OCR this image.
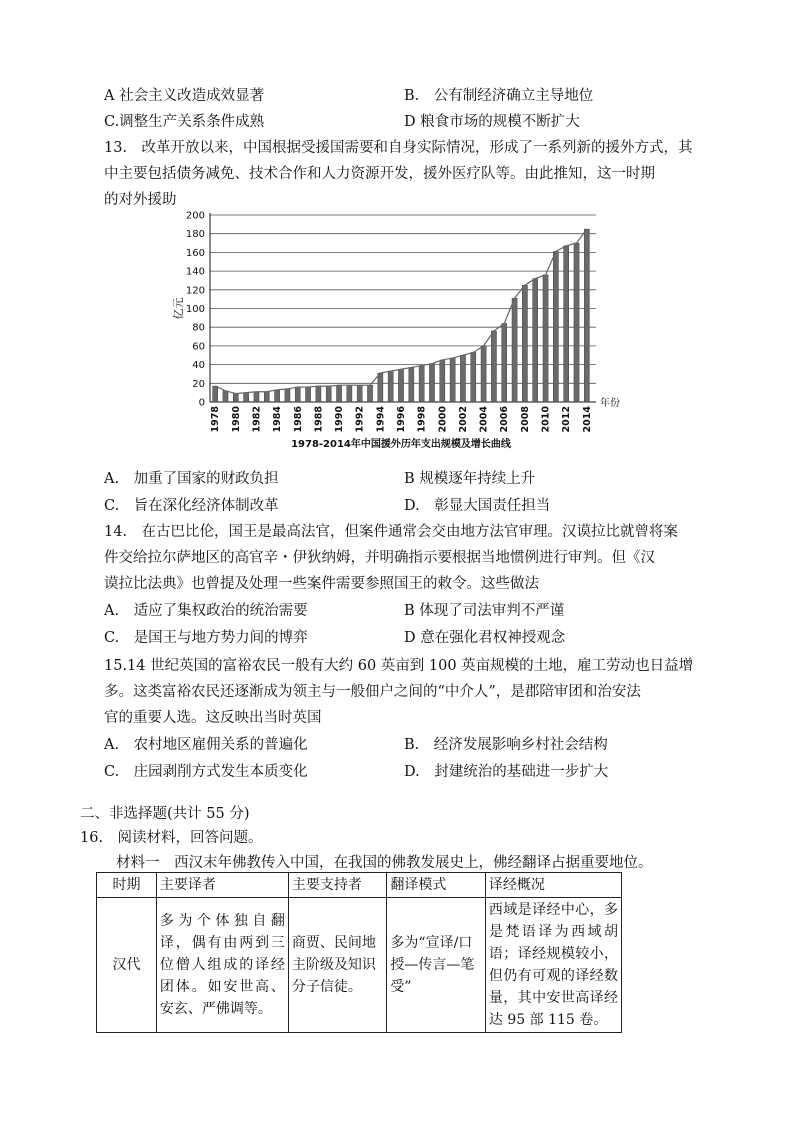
A 社会主义改造成效显著	B.　公有制经济确立主导地位
C.调整生产关系条件成熟	D 粮食市场的规模不断扩大
13.　改革开放以来，中国根据受援国需要和自身实际情况，形成了一系列新的援外方式，其
中主要包括债务减免、技术合作和人力资源开发，援外医疗队等。由此推知，这一时期
的对外援助
0
20
40
60
80
100
120
140
160
180
200
亿元
1978 1980 1982 1984 1986 1988 1990 1992 1994 1996 1998 2000 2002 2004 2006 2008 2010 2012 2014
年份
1978-2014年中国援外历年支出规模及增长曲线
A.　加重了国家的财政负担	B 规模逐年持续上升
C.　旨在深化经济体制改革	D.　彰显大国责任担当
14.　在古巴比伦，国王是最高法官，但案件通常会交由地方法官审理。汉谟拉比就曾将案
件交给拉尔萨地区的高官辛・伊狄纳姆，并明确指示要根据当地惯例进行审判。但《汉
谟拉比法典》也曾提及处理一些案件需要参照国王的敕令。这些做法
A.　适应了集权政治的统治需要	B 体现了司法审判不严谨
C.　是国王与地方势力间的博弈	D 意在强化君权神授观念
15.14 世纪英国的富裕农民一般有大约 60 英亩到 100 英亩规模的土地，雇工劳动也日益增
多。这类富裕农民还逐渐成为领主与一般佃户之间的“中介人”，是郡陪审团和治安法
官的重要人选。这反映出当时英国
A.　农村地区雇佣关系的普遍化	B.　经济发展影响乡村社会结构
C.　庄园剥削方式发生本质变化	D.　封建统治的基础进一步扩大
二、非选择题(共计 55 分)
16.　阅读材料，回答问题。
材料一　西汉末年佛教传入中国，在我国的佛教发展史上，佛经翻译占据重要地位。
时期	主要译者	主要支持者	翻译模式	译经概况
汉代	多为个体独自翻译，偶有由两到三位僧人组成的译经团体。如安世高、安玄、严佛调等。	商贾、民间地主阶级及知识分子信徒。	多为“宣译/口授—传言—笔受”	西域是译经中心，多是梵语译为西域胡语；译经规模较小，但仍有可观的译经数量，其中安世高译经达 95 部 115 卷。
